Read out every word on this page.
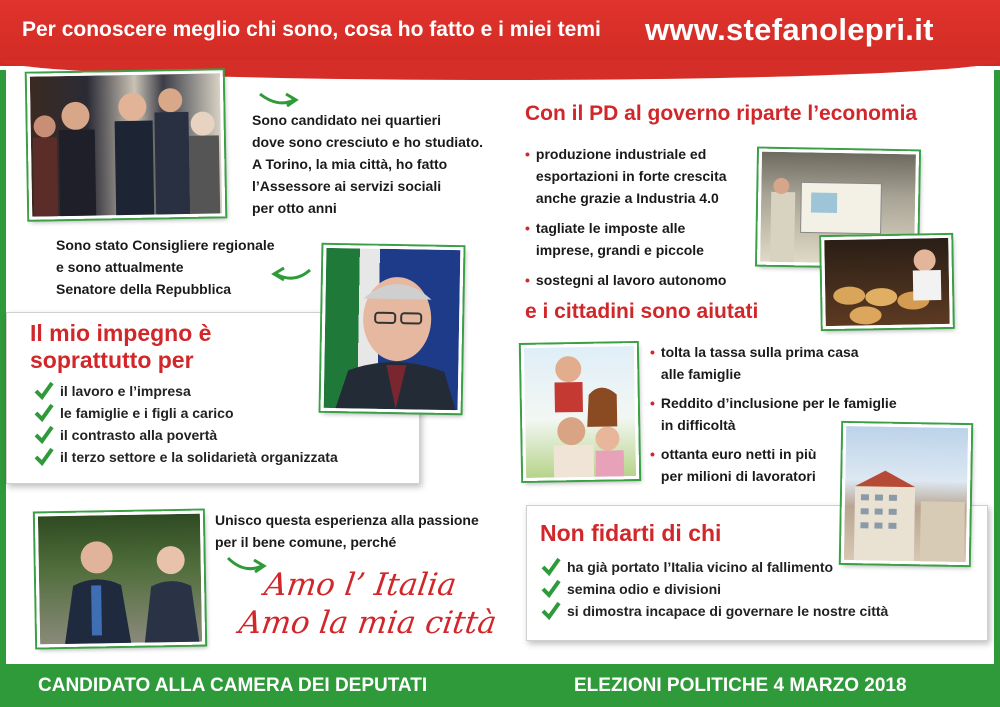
Per conoscere meglio chi sono, cosa ho fatto e i miei temi www.stefanolepri.it
Sono candidato nei quartieri
dove sono cresciuto e ho studiato.
A Torino, la mia città, ho fatto
l’Assessore ai servizi sociali
per otto anni
Sono stato Consigliere regionale
e sono attualmente
Senatore della Repubblica
Il mio impegno è
soprattutto per
il lavoro e l’impresa
le famiglie e i figli a carico
il contrasto alla povertà
il terzo settore e la solidarietà organizzata
Unisco questa esperienza alla passione
per il bene comune, perché
Amo l’ Italia
Amo la mia città
Con il PD al governo riparte l’economia
• produzione industriale ed
esportazioni in forte crescita
anche grazie a Industria 4.0
• tagliate le imposte alle
imprese, grandi e piccole
• sostegni al lavoro autonomo
e i cittadini sono aiutati
• tolta la tassa sulla prima casa
alle famiglie
• Reddito d’inclusione per le famiglie
in difficoltà
• ottanta euro netti in più
per milioni di lavoratori
Non fidarti di chi
ha già portato l’Italia vicino al fallimento
semina odio e divisioni
si dimostra incapace di governare le nostre città
CANDIDATO ALLA CAMERA DEI DEPUTATI	ELEZIONI POLITICHE 4 MARZO 2018
